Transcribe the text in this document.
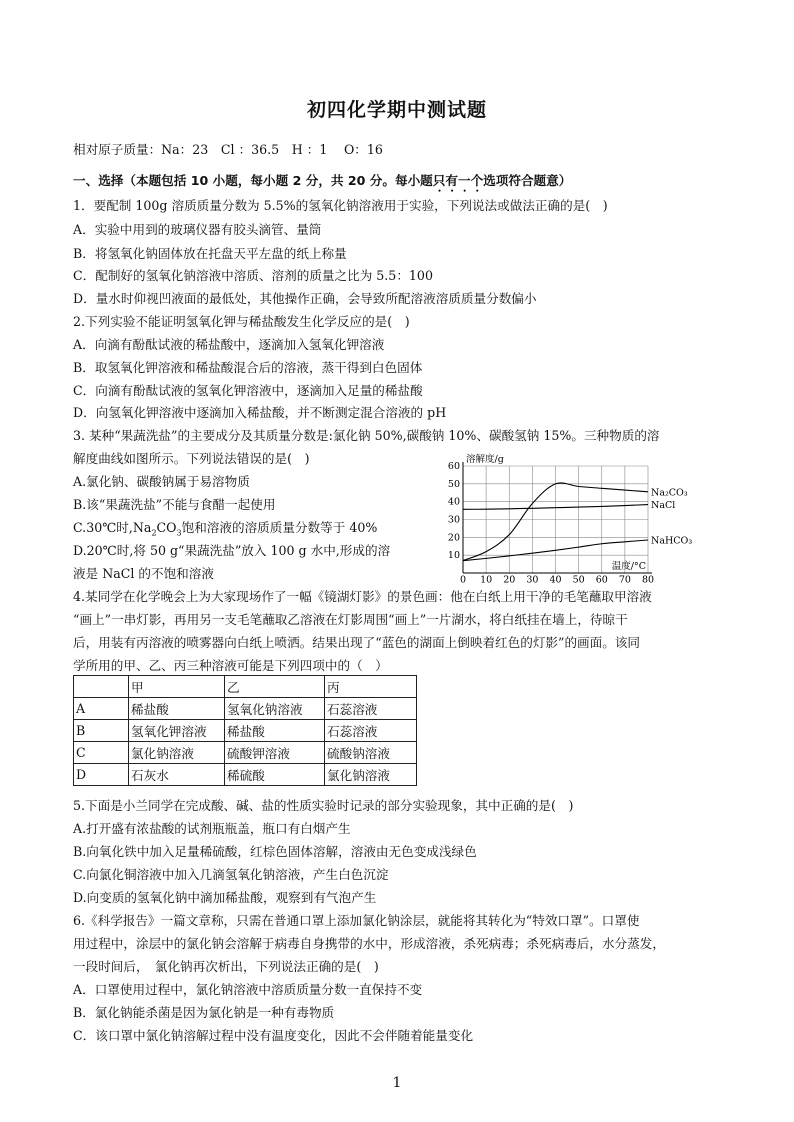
初四化学期中测试题
相对原子质量：Na：23　Cl ：36.5　H ：1　 O：16
一、选择（本题包括 10 小题，每小题 2 分，共 20 分。每小题只有一个选项符合题意）
1．要配制 100g 溶质质量分数为 5.5%的氢氧化钠溶液用于实验，下列说法或做法正确的是(　)
A．实验中用到的玻璃仪器有胶头滴管、量筒
B．将氢氧化钠固体放在托盘天平左盘的纸上称量
C．配制好的氢氧化钠溶液中溶质、溶剂的质量之比为 5.5：100
D．量水时仰视凹液面的最低处，其他操作正确，会导致所配溶液溶质质量分数偏小
2.下列实验不能证明氢氧化钾与稀盐酸发生化学反应的是(　)
A．向滴有酚酞试液的稀盐酸中，逐滴加入氢氧化钾溶液
B．取氢氧化钾溶液和稀盐酸混合后的溶液，蒸干得到白色固体
C．向滴有酚酞试液的氢氧化钾溶液中，逐滴加入足量的稀盐酸
D．向氢氧化钾溶液中逐滴加入稀盐酸，并不断测定混合溶液的 pH
3. 某种“果蔬洗盐”的主要成分及其质量分数是:氯化钠 50%,碳酸钠 10%、碳酸氢钠 15%。三种物质的溶
解度曲线如图所示。下列说法错误的是(　)
A.氯化钠、碳酸钠属于易溶物质
B.该“果蔬洗盐”不能与食醋一起使用
C.30℃时$,Na_2CO_3$饱和溶液的溶质质量分数等于 40%
D.20℃时,将 50 g“果蔬洗盐”放入 100 g 水中,形成的溶
液是 NaCl 的不饱和溶液	0 10 20 30 40 50 60 70 80
10
20
30
40
50
60
溶解度/g
温度/°C
Na₂CO₃
NaCl
NaHCO₃
4.某同学在化学晚会上为大家现场作了一幅《镜湖灯影》的景色画：他在白纸上用干净的毛笔蘸取甲溶液
“画上”一串灯影，再用另一支毛笔蘸取乙溶液在灯影周围“画上”一片湖水，将白纸挂在墙上，待晾干
后，用装有丙溶液的喷雾器向白纸上喷洒。结果出现了“蓝色的湖面上倒映着红色的灯影”的画面。该同
学所用的甲、乙、丙三种溶液可能是下列四项中的（　）
	甲	乙	丙
A	稀盐酸	氢氧化钠溶液	石蕊溶液
B	氢氧化钾溶液	稀盐酸	石蕊溶液
C	氯化钠溶液	硫酸钾溶液	硫酸钠溶液
D	石灰水	稀硫酸	氯化钠溶液
5.下面是小兰同学在完成酸、碱、盐的性质实验时记录的部分实验现象，其中正确的是(　)
A.打开盛有浓盐酸的试剂瓶瓶盖，瓶口有白烟产生
B.向氧化铁中加入足量稀硫酸，红棕色固体溶解，溶液由无色变成浅绿色
C.向氯化铜溶液中加入几滴氢氧化钠溶液，产生白色沉淀
D.向变质的氢氧化钠中滴加稀盐酸，观察到有气泡产生
6.《科学报告》一篇文章称，只需在普通口罩上添加氯化钠涂层，就能将其转化为“特效口罩”。口罩使
用过程中，涂层中的氯化钠会溶解于病毒自身携带的水中，形成溶液，杀死病毒；杀死病毒后，水分蒸发，
一段时间后，　氯化钠再次析出，下列说法正确的是(　)
A．口罩使用过程中，氯化钠溶液中溶质质量分数一直保持不变
B．氯化钠能杀菌是因为氯化钠是一种有毒物质
C．该口罩中氯化钠溶解过程中没有温度变化，因此不会伴随着能量变化
1
